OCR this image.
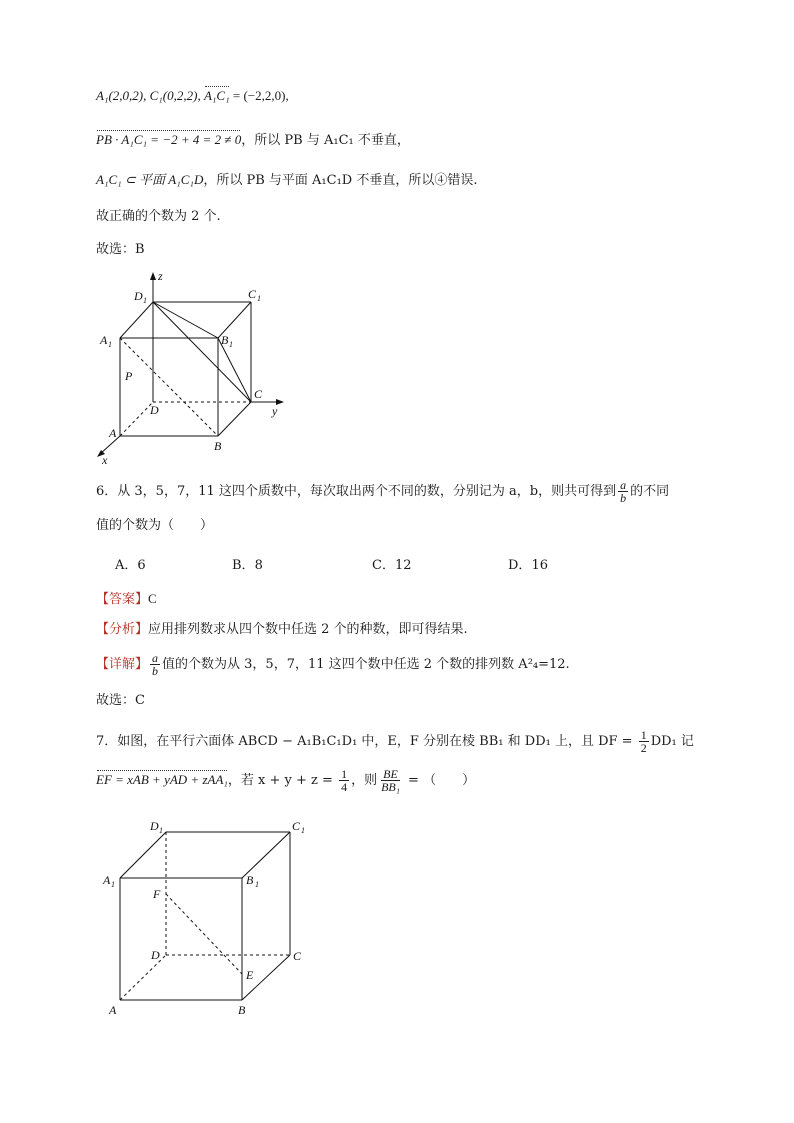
A₁(2,0,2), C₁(0,2,2), A₁C₁ = (−2,2,0),
PB · A₁C₁ = −2 + 4 = 2 ≠ 0，所以 PB 与 A₁C₁ 不垂直，
A₁C₁ ⊂ 平面 A₁C₁D，所以 PB 与平面 A₁C₁D 不垂直，所以④错误.
故正确的个数为 2 个.
故选：B
z
y
x
D 1	C 1
A 1	B 1
P
C
D
A
B
6．从 3，5，7，11 这四个质数中，每次取出两个不同的数，分别记为 a，b，则共可得到 $\frac{a}{b}$ 的不同
值的个数为（　　）
A．6	B．8	C．12	D．16
【答案】C
【分析】应用排列数求从四个数中任选 2 个的种数，即可得结果.
【详解】 $\frac{a}{b}$ 值的个数为从 3，5，7，11 这四个数中任选 2 个数的排列数 A²₄=12.
故选：C
7．如图，在平行六面体 ABCD − A₁B₁C₁D₁ 中，E，F 分别在棱 BB₁ 和 DD₁ 上，且 DF = $\frac{1}{2} DD_1$ 记
EF = xAB + yAD + zAA₁，若 $x + y + z = \frac{1}{4}$ ，则 $\frac{BE}{\text{BB₁}}$ = （　　）
D 1	C 1
A 1	B 1
F
D	C
E
A	B
